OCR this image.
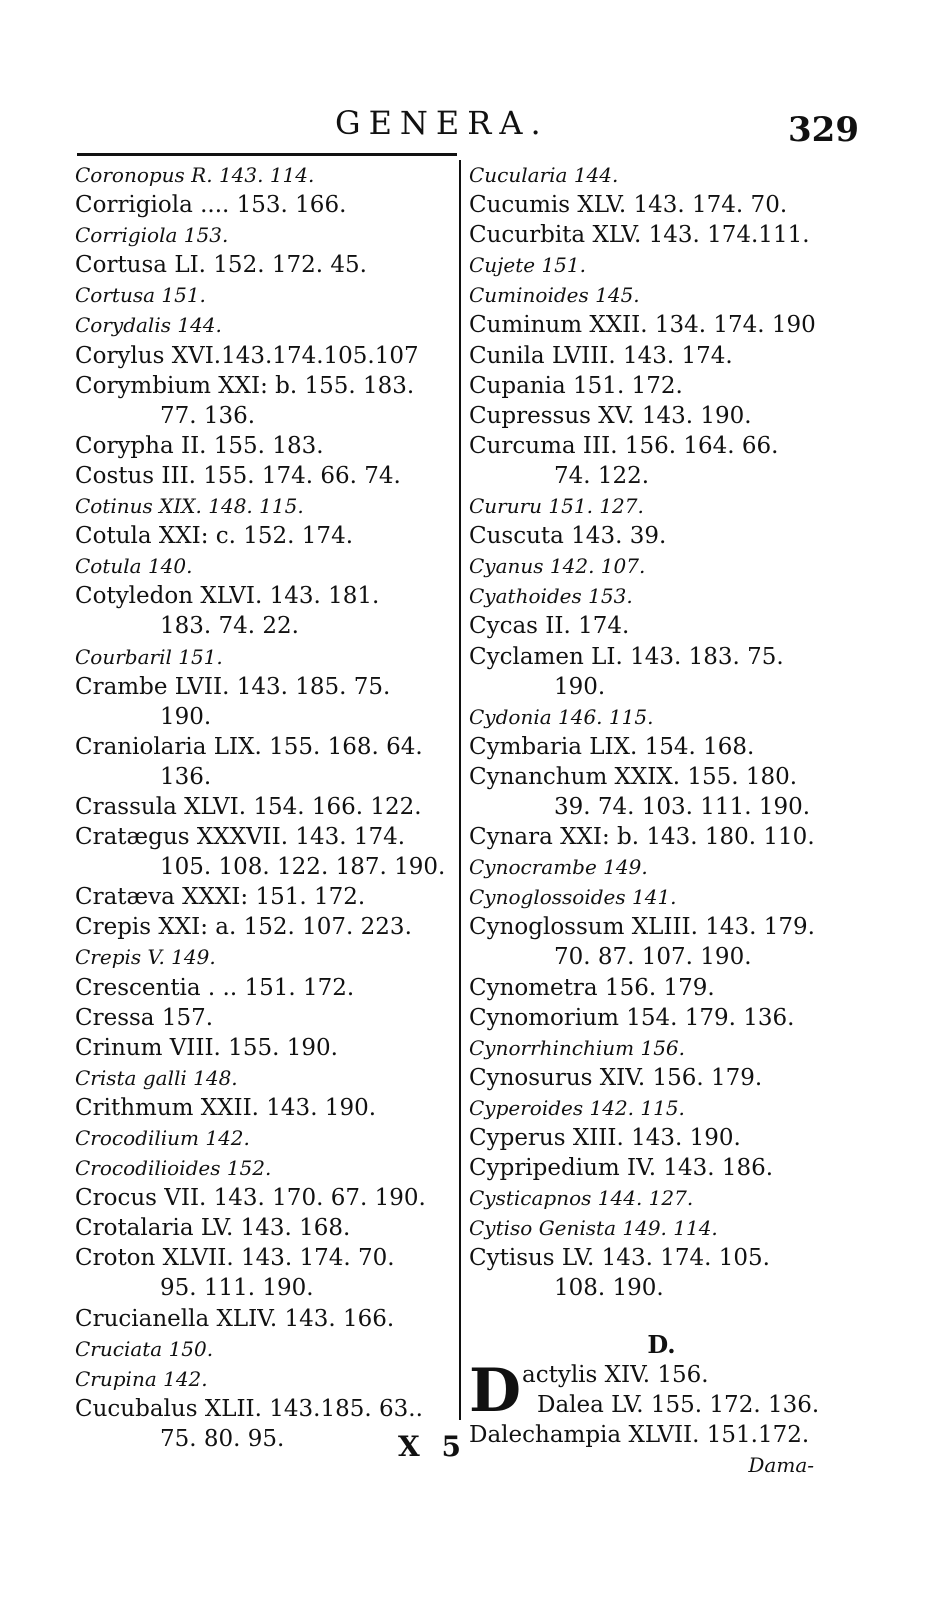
GENERA.	329
Coronopus R. 143. 114.
Corrigiola .... 153. 166.
Corrigiola 153.
Cortusa LI. 152. 172. 45.
Cortusa 151.
Corydalis 144.
Corylus XVI.143.174.105.107
Corymbium XXI: b. 155. 183.
77. 136.
Corypha II. 155. 183.
Costus III. 155. 174. 66. 74.
Cotinus XIX. 148. 115.
Cotula XXI: c. 152. 174.
Cotula 140.
Cotyledon XLVI. 143. 181.
183. 74. 22.
Courbaril 151.
Crambe LVII. 143. 185. 75.
190.
Craniolaria LIX. 155. 168. 64.
136.
Crassula XLVI. 154. 166. 122.
Cratægus XXXVII. 143. 174.
105. 108. 122. 187. 190.
Cratæva XXXI: 151. 172.
Crepis XXI: a. 152. 107. 223.
Crepis V. 149.
Crescentia . .. 151. 172.
Cressa 157.
Crinum VIII. 155. 190.
Crista galli 148.
Crithmum XXII. 143. 190.
Crocodilium 142.
Crocodilioides 152.
Crocus VII. 143. 170. 67. 190.
Crotalaria LV. 143. 168.
Croton XLVII. 143. 174. 70.
95. 111. 190.
Crucianella XLIV. 143. 166.
Cruciata 150.
Crupina 142.
Cucubalus XLII. 143.185. 63..
75. 80. 95.
Cucularia 144.
Cucumis XLV. 143. 174. 70.
Cucurbita XLV. 143. 174.111.
Cujete 151.
Cuminoides 145.
Cuminum XXII. 134. 174. 190
Cunila LVIII. 143. 174.
Cupania 151. 172.
Cupressus XV. 143. 190.
Curcuma III. 156. 164. 66.
74. 122.
Cururu 151. 127.
Cuscuta 143. 39.
Cyanus 142. 107.
Cyathoides 153.
Cycas II. 174.
Cyclamen LI. 143. 183. 75.
190.
Cydonia 146. 115.
Cymbaria LIX. 154. 168.
Cynanchum XXIX. 155. 180.
39. 74. 103. 111. 190.
Cynara XXI: b. 143. 180. 110.
Cynocrambe 149.
Cynoglossoides 141.
Cynoglossum XLIII. 143. 179.
70. 87. 107. 190.
Cynometra 156. 179.
Cynomorium 154. 179. 136.
Cynorrhinchium 156.
Cynosurus XIV. 156. 179.
Cyperoides 142. 115.
Cyperus XIII. 143. 190.
Cypripedium IV. 143. 186.
Cysticapnos 144. 127.
Cytiso Genista 149. 114.
Cytisus LV. 143. 174. 105.
108. 190.
D.
D actylis XIV. 156.
Dalea LV. 155. 172. 136.
Dalechampia XLVII. 151.172.
Dama-
X 5
